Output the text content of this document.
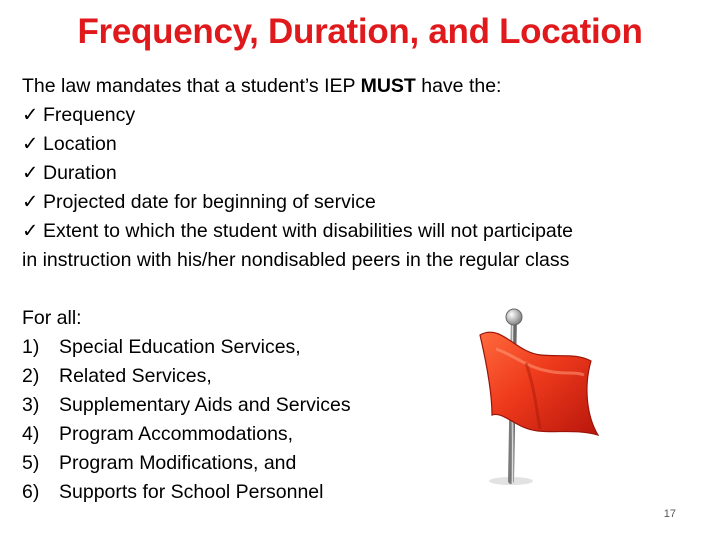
Frequency, Duration, and Location
The law mandates that a student’s IEP MUST have the:
✓ Frequency
✓ Location
✓ Duration
✓ Projected date for beginning of service
✓ Extent to which the student with disabilities will not participate
in instruction with his/her nondisabled peers in the regular class
For all:
1) Special Education Services,
2) Related Services,
3) Supplementary Aids and Services
4) Program Accommodations,
5) Program Modifications, and
6) Supports for School Personnel
17
